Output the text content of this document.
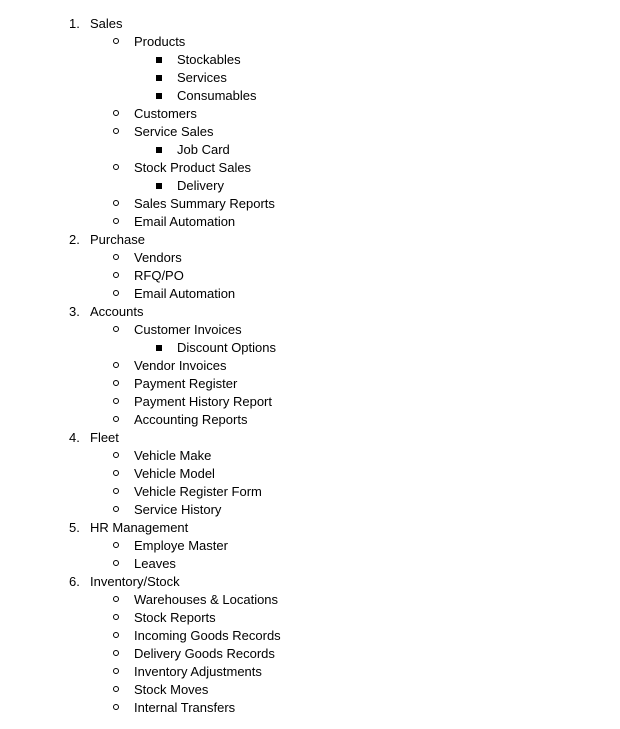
1. Sales
Products
Stockables
Services
Consumables
Customers
Service Sales
Job Card
Stock Product Sales
Delivery
Sales Summary Reports
Email Automation
2. Purchase
Vendors
RFQ/PO
Email Automation
3. Accounts
Customer Invoices
Discount Options
Vendor Invoices
Payment Register
Payment History Report
Accounting Reports
4. Fleet
Vehicle Make
Vehicle Model
Vehicle Register Form
Service History
5. HR Management
Employe Master
Leaves
6. Inventory/Stock
Warehouses & Locations
Stock Reports
Incoming Goods Records
Delivery Goods Records
Inventory Adjustments
Stock Moves
Internal Transfers
